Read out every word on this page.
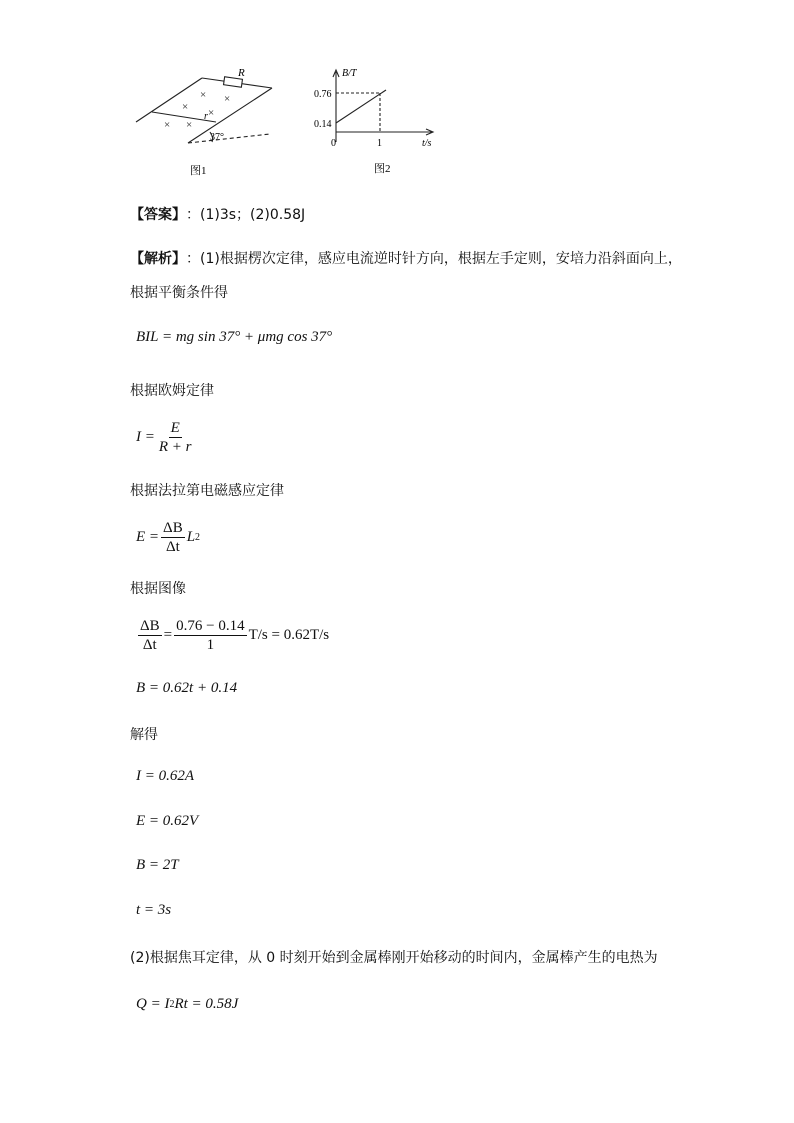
× ×
× ×
× ×
R
r
37°
图1
B/T
t/s
0
0.76
0.14
1
图2
【答案】 ：(1)3s；(2)0.58J
【解析】 ：(1)根据楞次定律，感应电流逆时针方向，根据左手定则，安培力沿斜面向上，
根据平衡条件得
BIL = mg sin 37° + μmg cos 37°
根据欧姆定律
$I = \frac{E}{R + r}$
根据法拉第电磁感应定律
$E = \frac{\Delta B}{\Delta t}$ L 2
根据图像
$\frac{\Delta B}{\Delta t} = \frac{0.76 - 0.14}{1} T/s = 0.62T/s$
B = 0.62t + 0.14
解得
I = 0.62A
E = 0.62V
B = 2T
t = 3s
(2)根据焦耳定律，从 0 时刻开始到金属棒刚开始移动的时间内，金属棒产生的电热为
Q = I 2 Rt = 0.58J
